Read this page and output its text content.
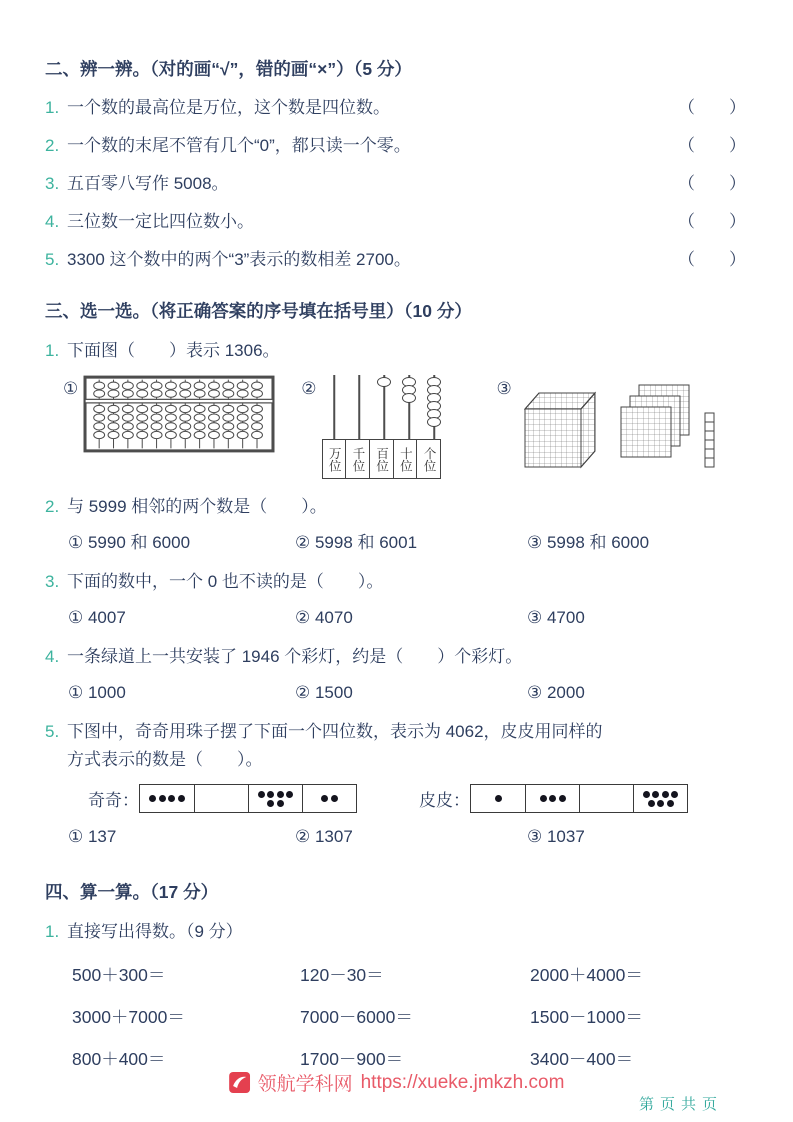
二、辨一辨。（对的画“√”，错的画“×”）（5 分）
1. 一个数的最高位是万位，这个数是四位数。	（　　）
2. 一个数的末尾不管有几个“0”，都只读一个零。	（　　）
3. 五百零八写作 5008。	（　　）
4. 三位数一定比四位数小。	（　　）
5. 3300 这个数中的两个“3”表示的数相差 2700。	（　　）
三、选一选。（将正确答案的序号填在括号里）（10 分）
1. 下面图（　　）表示 1306。
①	②
万位 千位 百位 十位 个位
③
2. 与 5999 相邻的两个数是（　　）。
① 5990 和 6000	② 5998 和 6001	③ 5998 和 6000
3. 下面的数中，一个 0 也不读的是（　　）。
① 4007	② 4070	③ 4700
4. 一条绿道上一共安装了 1946 个彩灯，约是（　　）个彩灯。
① 1000	② 1500	③ 2000
5. 下图中，奇奇用珠子摆了下面一个四位数，表示为 4062，皮皮用同样的
方式表示的数是（　　）。
奇奇：	皮皮：
① 137	② 1307	③ 1037
四、算一算。（17 分）
1. 直接写出得数。（9 分）
500＋300＝	120－30＝	2000＋4000＝
3000＋7000＝	7000－6000＝	1500－1000＝
800＋400＝	1700－900＝	3400－400＝
领航学科网 https://xueke.jmkzh.com
第页共页
